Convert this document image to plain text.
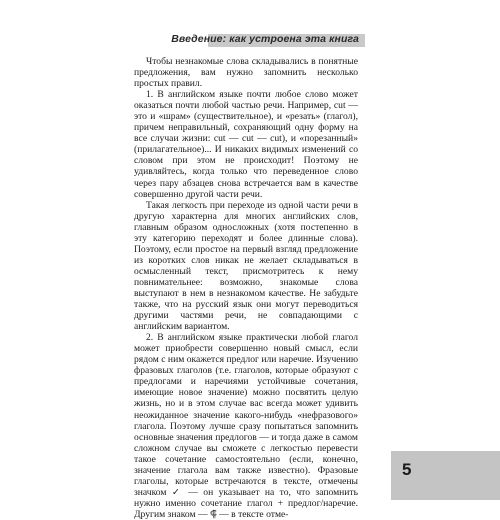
Введение: как устроена эта книга

Чтобы незнакомые слова складывались в понятные предложения, вам нужно запомнить несколько простых правил.

1. В английском языке почти любое слово может оказаться почти любой частью речи. Например, cut — это и «шрам» (существительное), и «резать» (глагол), причем неправильный, сохраняющий одну форму на все случаи жизни: cut — cut — cut), и «порезанный» (прилагательное)... И никаких видимых изменений со словом при этом не происходит! Поэтому не удивляйтесь, когда только что переведенное слово через пару абзацев снова встречается вам в качестве совершенно другой части речи.

Такая легкость при переходе из одной части речи в другую характерна для многих английских слов, главным образом односложных (хотя постепенно в эту категорию переходят и более длинные слова). Поэтому, если простое на первый взгляд предложение из коротких слов никак не желает складываться в осмысленный текст, присмотритесь к нему повнимательнее: возможно, знакомые слова выступают в нем в незнакомом качестве. Не забудьте также, что на русский язык они могут переводиться другими частями речи, не совпадающими с английским вариантом.

2. В английском языке практически любой глагол может приобрести совершенно новый смысл, если рядом с ним окажется предлог или наречие. Изучению фразовых глаголов (т.е. глаголов, которые образуют с предлогами и наречиями устойчивые сочетания, имеющие новое значение) можно посвятить целую жизнь, но и в этом случае вас всегда может удивить неожиданное значение какого-нибудь «нефразового» глагола. Поэтому лучше сразу попытаться запомнить основные значения предлогов — и тогда даже в самом сложном случае вы сможете с легкостью перевести такое сочетание самостоятельно (если, конечно, значение глагола вам также известно). Фразовые глаголы, которые встречаются в тексте, отмечены значком ✓ — он указывает на то, что запомнить нужно именно сочетание глагол + предлог/наречие. Другим знаком — ⸿ — в тексте отме-

5
